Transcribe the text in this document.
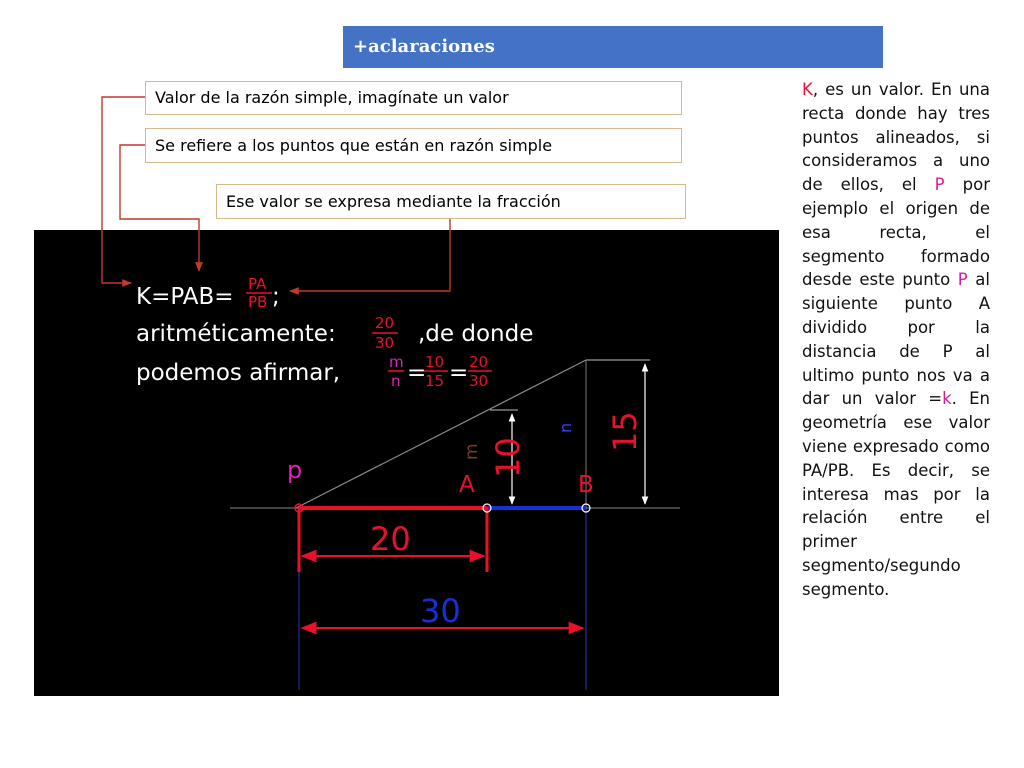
+aclaraciones
Valor de la razón simple, imagínate un valor
Se refiere a los puntos que están en razón simple
Ese valor se expresa mediante la fracción
K=PAB= PA
PB ;
aritméticamente:	20
30 ,de donde
podemos afirmar,	m
n =
10
15 = 20
30
p
A	B
20
30
10
15
m
n
K, es un valor. En una recta donde hay tres puntos alineados, si consideramos a uno de ellos, el P por ejemplo el origen de esa recta, el segmento formado desde este punto P al siguiente punto A dividido por la distancia de P al ultimo punto nos va a dar un valor =k. En geometría ese valor viene expresado como PA/PB. Es decir, se interesa mas por la relación entre el primer segmento/segundo segmento.
